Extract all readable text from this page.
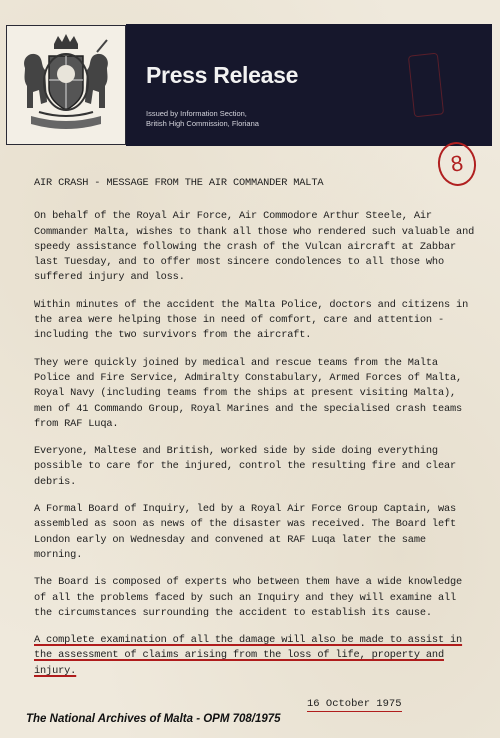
Press Release
Issued by Information Section,
British High Commission, Floriana
8
AIR CRASH - MESSAGE FROM THE AIR COMMANDER MALTA

On behalf of the Royal Air Force, Air Commodore Arthur Steele, Air Commander Malta, wishes to thank all those who rendered such valuable and speedy assistance following the crash of the Vulcan aircraft at Zabbar last Tuesday, and to offer most sincere condolences to all those who suffered injury and loss.

Within minutes of the accident the Malta Police, doctors and citizens in the area were helping those in need of comfort, care and attention - including the two survivors from the aircraft.

They were quickly joined by medical and rescue teams from the Malta Police and Fire Service, Admiralty Constabulary, Armed Forces of Malta, Royal Navy (including teams from the ships at present visiting Malta), men of 41 Commando Group, Royal Marines and the specialised crash teams from RAF Luqa.

Everyone, Maltese and British, worked side by side doing everything possible to care for the injured, control the resulting fire and clear debris.

A Formal Board of Inquiry, led by a Royal Air Force Group Captain, was assembled as soon as news of the disaster was received. The Board left London early on Wednesday and convened at RAF Luqa later the same morning.

The Board is composed of experts who between them have a wide knowledge of all the problems faced by such an Inquiry and they will examine all the circumstances surrounding the accident to establish its cause.

A complete examination of all the damage will also be made to assist in the assessment of claims arising from the loss of life, property and injury.

16 October 1975
The National Archives of Malta - OPM 708/1975
